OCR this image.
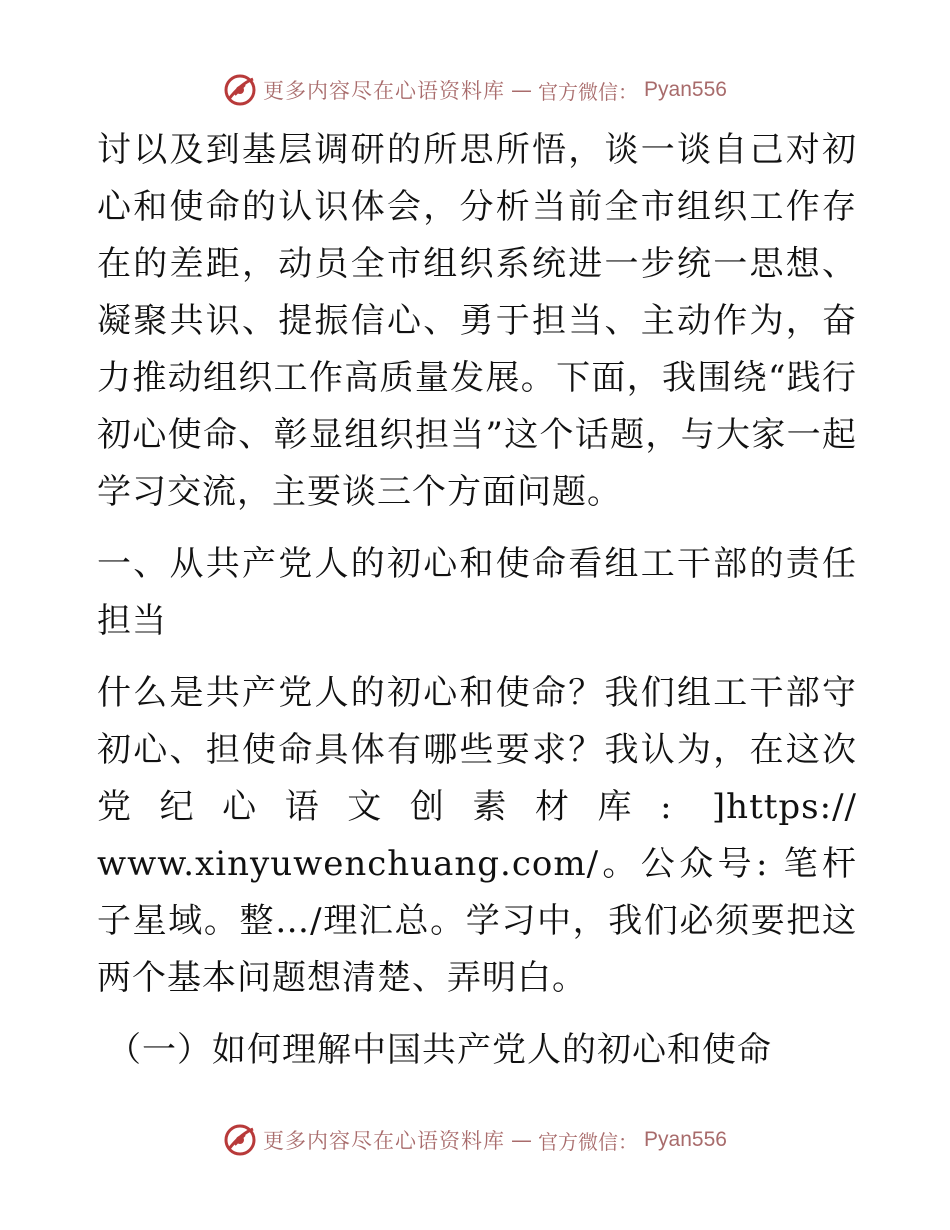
更多内容尽在心语资料库 — 官方微信： Pyan556

讨以及到基层调研的所思所悟，谈一谈自己对初心和使命的认识体会，分析当前全市组织工作存在的差距，动员全市组织系统进一步统一思想、凝聚共识、提振信心、勇于担当、主动作为，奋力推动组织工作高质量发展。下面，我围绕“践行初心使命、彰显组织担当”这个话题，与大家一起学习交流，主要谈三个方面问题。

一、从共产党人的初心和使命看组工干部的责任担当

什么是共产党人的初心和使命？我们组工干部守初心、担使命具体有哪些要求？我认为，在这次党纪心语文创素材库: ]https:// www.xinyuwenchuang.com/。公众号: 笔杆子星域。整…/理汇总。学习中，我们必须要把这两个基本问题想清楚、弄明白。

（一）如何理解中国共产党人的初心和使命

更多内容尽在心语资料库 — 官方微信： Pyan556
